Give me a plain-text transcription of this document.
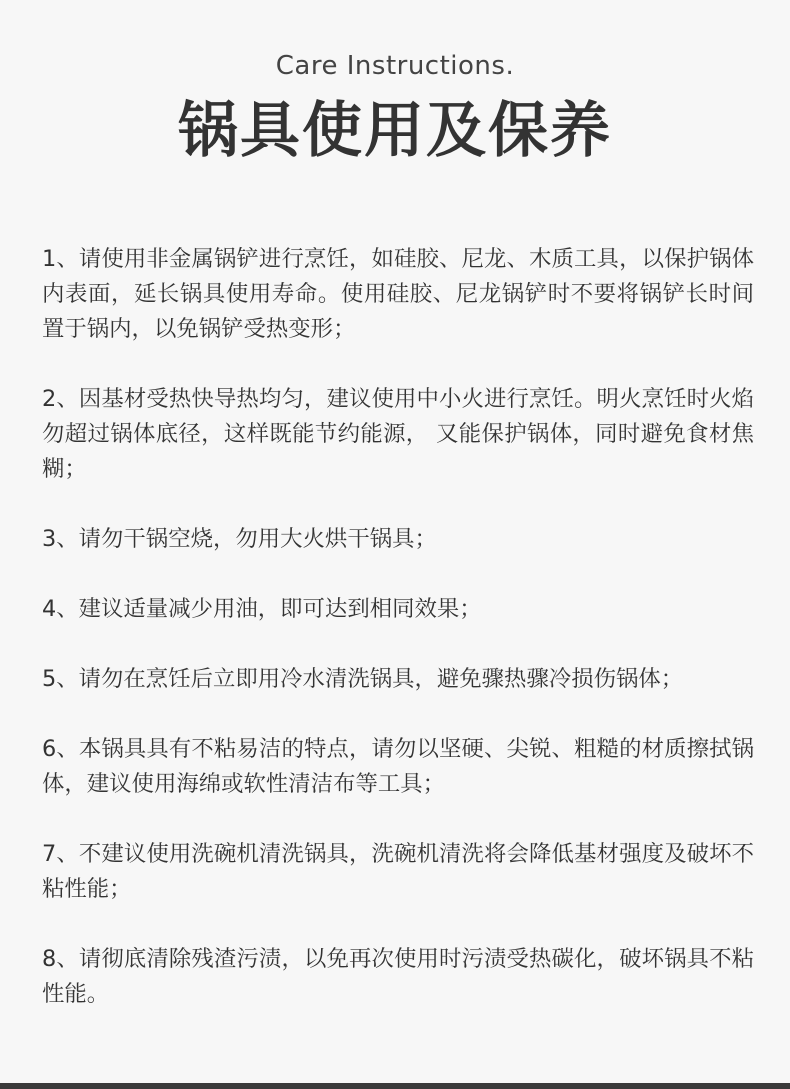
Care Instructions.
锅具使用及保养
1、请使用非金属锅铲进行烹饪，如硅胶、尼龙、木质工具，以保护锅体内表面，延长锅具使用寿命。使用硅胶、尼龙锅铲时不要将锅铲长时间置于锅内，以免锅铲受热变形；
2、因基材受热快导热均匀，建议使用中小火进行烹饪。明火烹饪时火焰勿超过锅体底径，这样既能节约能源， 又能保护锅体，同时避免食材焦糊；
3、请勿干锅空烧，勿用大火烘干锅具；
4、建议适量减少用油，即可达到相同效果；
5、请勿在烹饪后立即用冷水清洗锅具，避免骤热骤冷损伤锅体；
6、本锅具具有不粘易洁的特点，请勿以坚硬、尖锐、粗糙的材质擦拭锅体，建议使用海绵或软性清洁布等工具；
7、不建议使用洗碗机清洗锅具，洗碗机清洗将会降低基材强度及破坏不粘性能；
8、请彻底清除残渣污渍，以免再次使用时污渍受热碳化，破坏锅具不粘性能。
